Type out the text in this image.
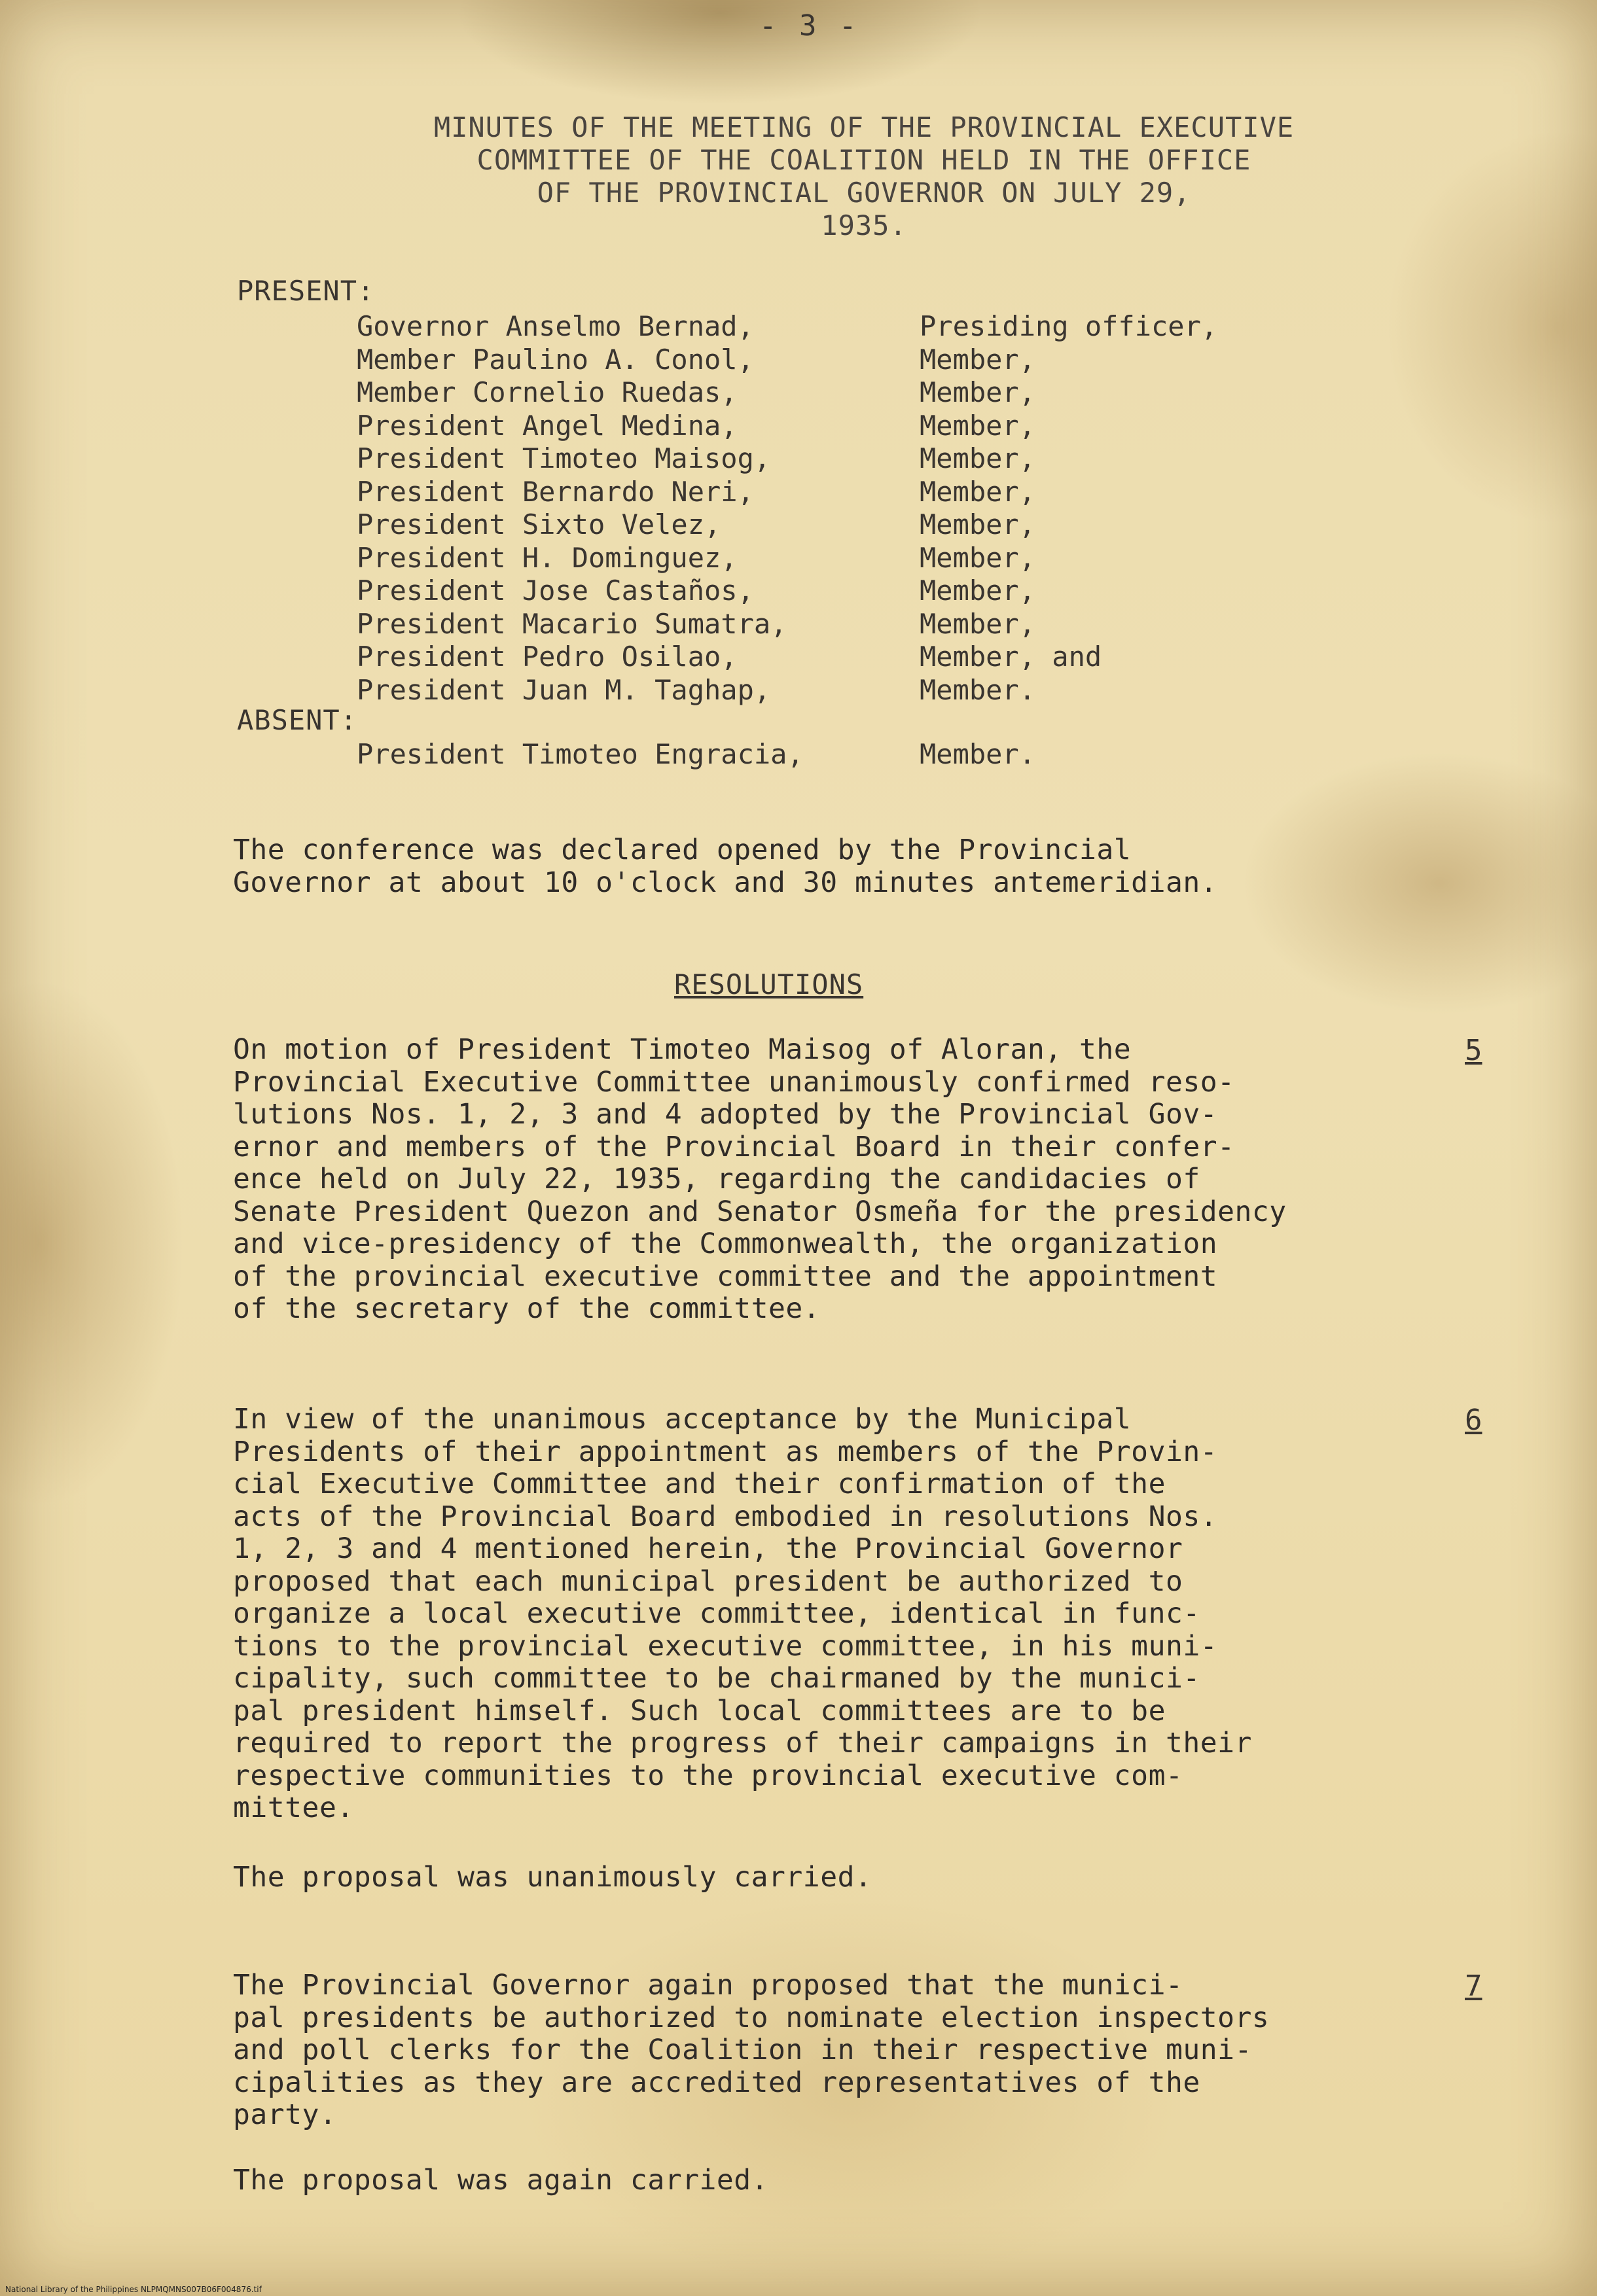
- 3 -
MINUTES OF THE MEETING OF THE PROVINCIAL EXECUTIVE
COMMITTEE OF THE COALITION HELD IN THE OFFICE
OF THE PROVINCIAL GOVERNOR ON JULY 29,
1935.
PRESENT:
Governor Anselmo Bernad,	Presiding officer,
Member Paulino A. Conol,	Member,
Member Cornelio Ruedas,	Member,
President Angel Medina,	Member,
President Timoteo Maisog,	Member,
President Bernardo Neri,	Member,
President Sixto Velez,	Member,
President H. Dominguez,	Member,
President Jose Castaños,	Member,
President Macario Sumatra,	Member,
President Pedro Osilao,	Member, and
President Juan M. Taghap,	Member.
ABSENT:
President Timoteo Engracia,	Member.
The conference was declared opened by the Provincial
Governor at about 10 o'clock and 30 minutes antemeridian.
RESOLUTIONS
5
On motion of President Timoteo Maisog of Aloran, the
Provincial Executive Committee unanimously confirmed reso-
lutions Nos. 1, 2, 3 and 4 adopted by the Provincial Gov-
ernor and members of the Provincial Board in their confer-
ence held on July 22, 1935, regarding the candidacies of
Senate President Quezon and Senator Osmeña for the presidency
and vice-presidency of the Commonwealth, the organization
of the provincial executive committee and the appointment
of the secretary of the committee.
6
In view of the unanimous acceptance by the Municipal
Presidents of their appointment as members of the Provin-
cial Executive Committee and their confirmation of the
acts of the Provincial Board embodied in resolutions Nos.
1, 2, 3 and 4 mentioned herein, the Provincial Governor
proposed that each municipal president be authorized to
organize a local executive committee, identical in func-
tions to the provincial executive committee, in his muni-
cipality, such committee to be chairmaned by the munici-
pal president himself. Such local committees are to be
required to report the progress of their campaigns in their
respective communities to the provincial executive com-
mittee.
The proposal was unanimously carried.
7
The Provincial Governor again proposed that the munici-
pal presidents be authorized to nominate election inspectors
and poll clerks for the Coalition in their respective muni-
cipalities as they are accredited representatives of the
party.
The proposal was again carried.
National Library of the Philippines NLPMQMNS007B06F004876.tif
